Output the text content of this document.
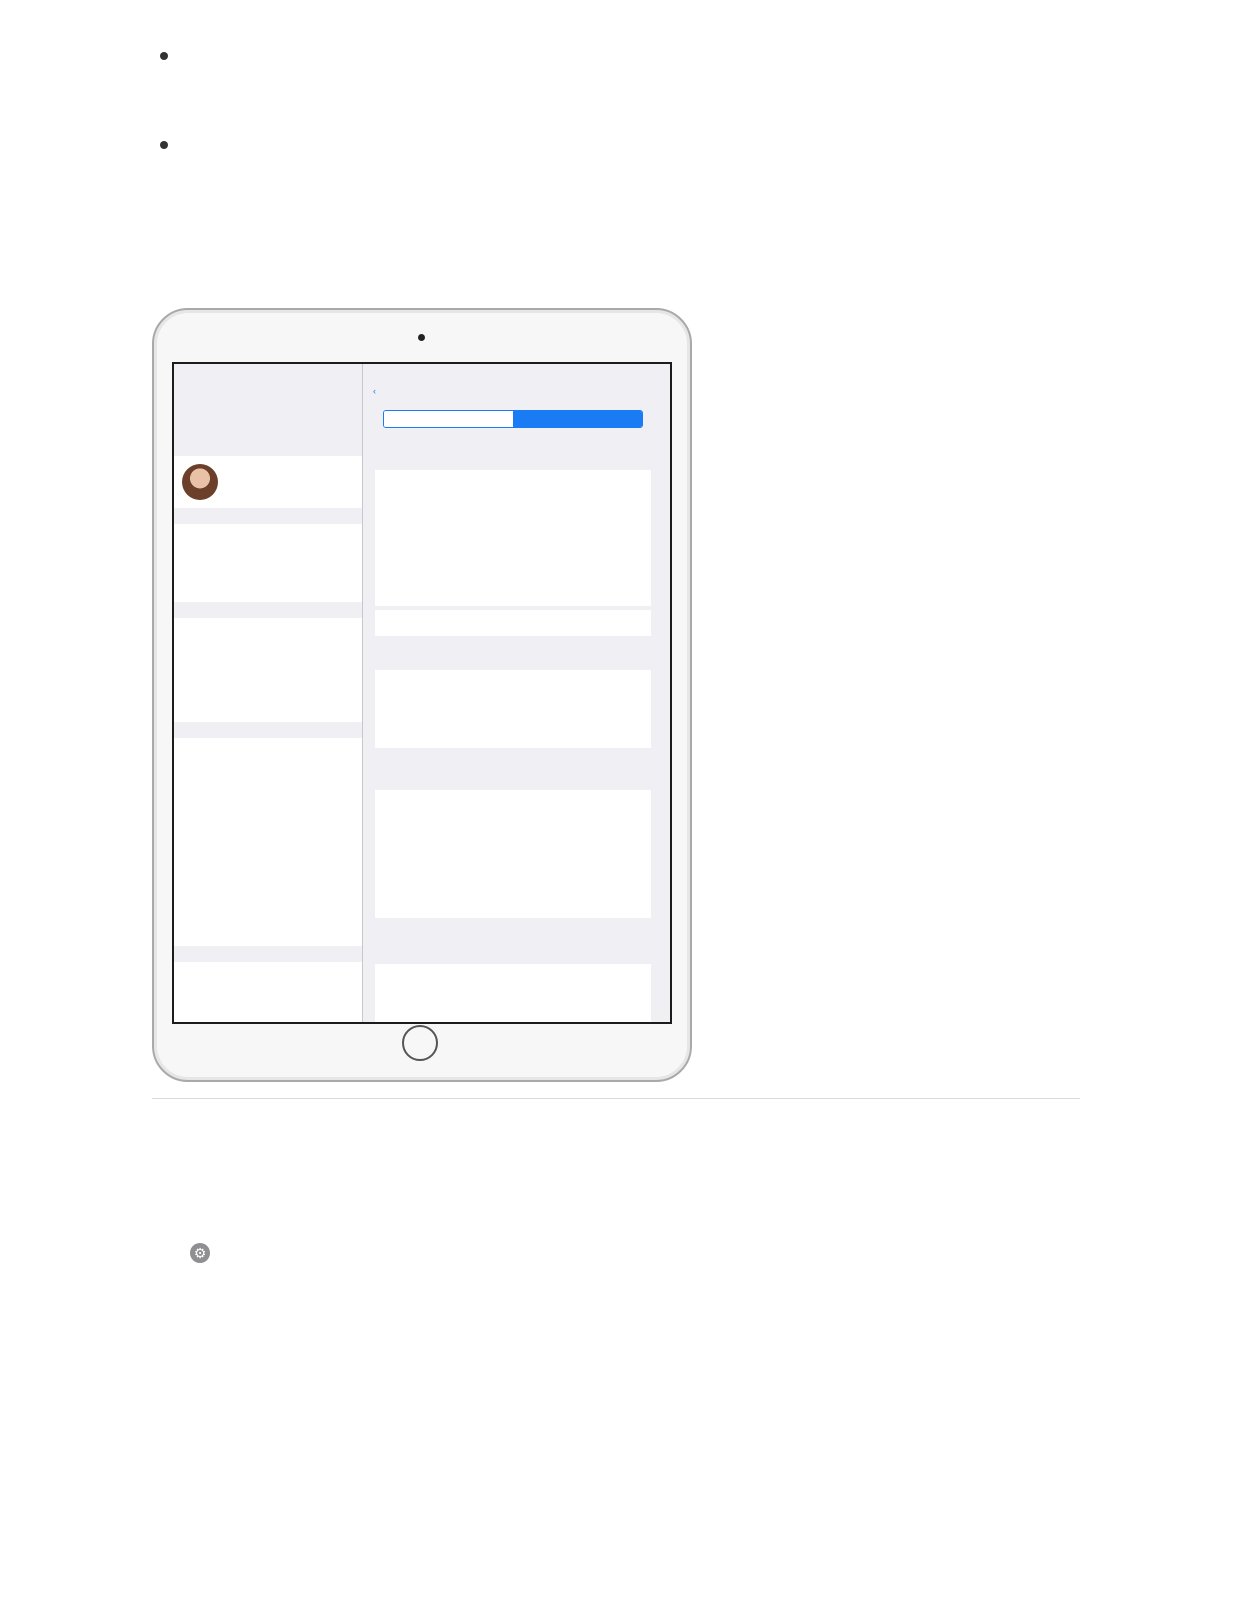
‹
⚙
